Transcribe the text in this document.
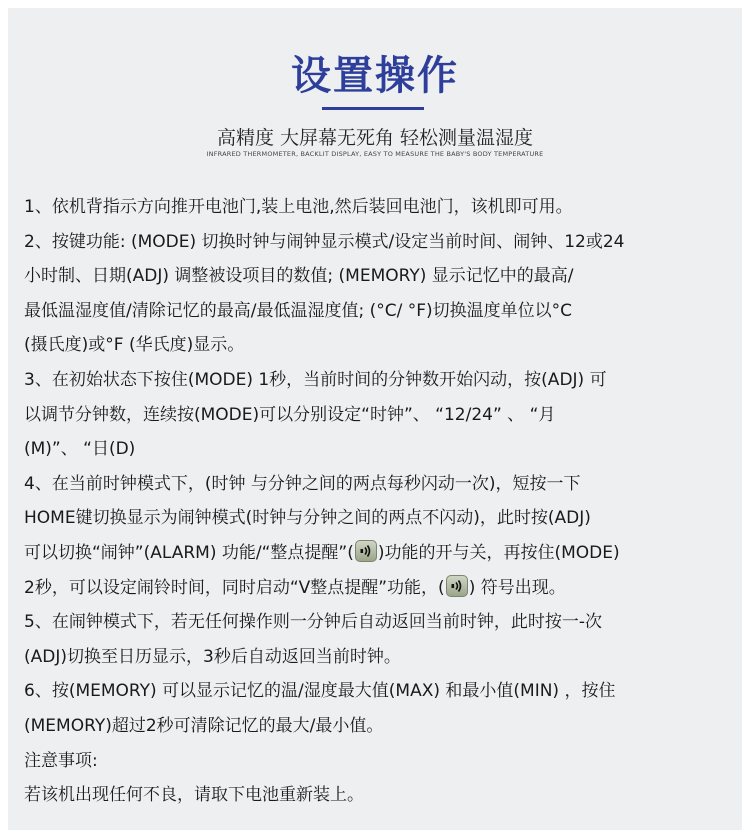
设置操作
高精度 大屏幕无死角 轻松测量温湿度
INFRARED THERMOMETER, BACKLIT DISPLAY, EASY TO MEASURE THE BABY'S BODY TEMPERATURE
1、依机背指示方向推开电池门,装上电池,然后装回电池门，该机即可用。
2、按键功能: (MODE) 切换时钟与闹钟显示模式/设定当前时间、闹钟、12或24
小时制、日期(ADJ) 调整被设项目的数值; (MEMORY) 显示记忆中的最高/
最低温湿度值/清除记忆的最高/最低温湿度值; (°C/ °F)切换温度单位以°C
(摄氏度)或°F (华氏度)显示。
3、在初始状态下按住(MODE) 1秒，当前时间的分钟数开始闪动，按(ADJ) 可
以调节分钟数，连续按(MODE)可以分别设定“时钟”、 “12/24” 、 “月
(M)”、 “日(D)
4、在当前时钟模式下，(时钟 与分钟之间的两点每秒闪动一次)，短按一下
HOME键切换显示为闹钟模式(时钟与分钟之间的两点不闪动)，此时按(ADJ)
可以切换“闹钟”(ALARM) 功能/“整点提醒”( )功能的开与关，再按住(MODE)
2秒，可以设定闹铃时间，同时启动“V整点提醒”功能，( ) 符号出现。
5、在闹钟模式下，若无任何操作则一分钟后自动返回当前时钟，此时按一-次
(ADJ)切换至日历显示，3秒后自动返回当前时钟。
6、按(MEMORY) 可以显示记忆的温/湿度最大值(MAX) 和最小值(MIN) ，按住
(MEMORY)超过2秒可清除记忆的最大/最小值。
注意事项:
若该机出现任何不良，请取下电池重新装上。
